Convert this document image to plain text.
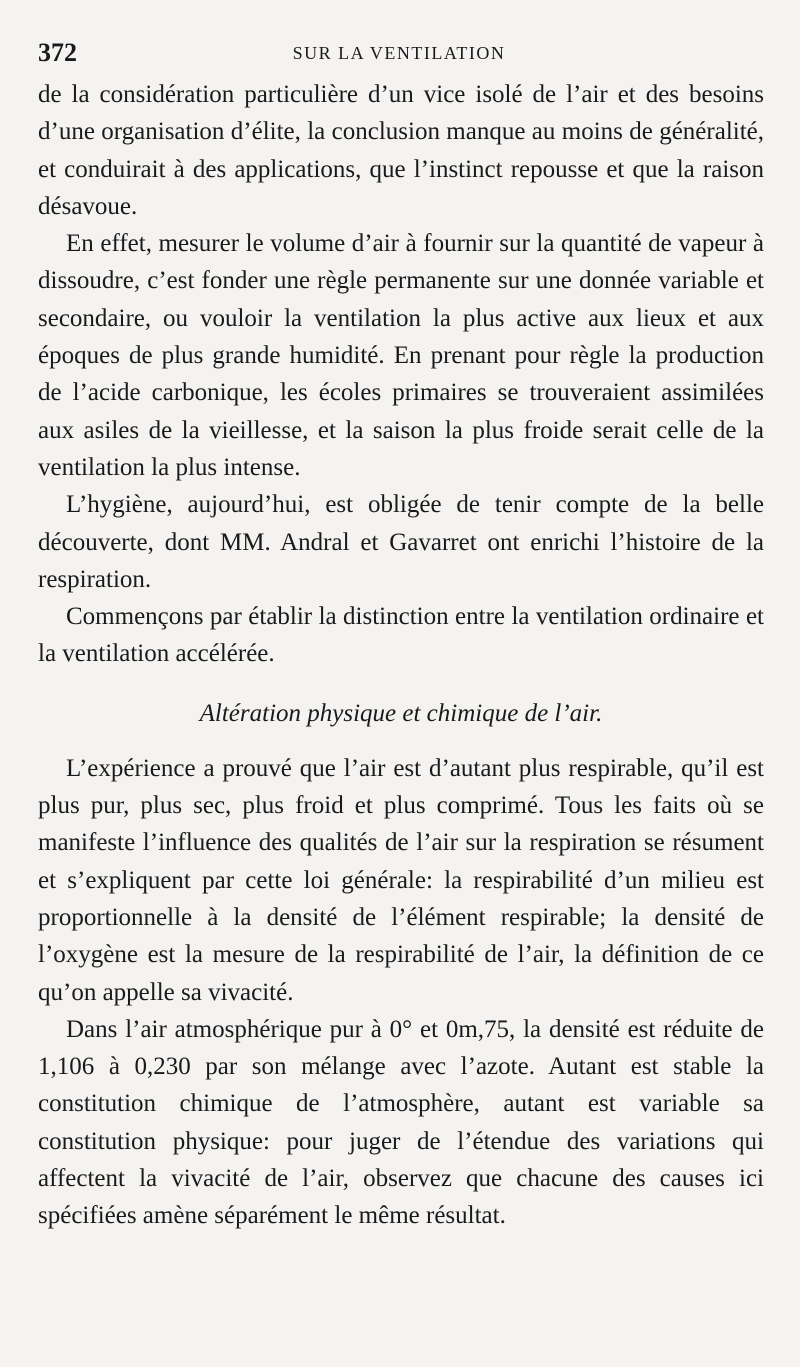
372	SUR LA VENTILATION

de la considération particulière d’un vice isolé de l’air et des besoins d’une organisation d’élite, la conclusion manque au moins de généralité, et conduirait à des applications, que l’instinct repousse et que la raison désavoue.

En effet, mesurer le volume d’air à fournir sur la quantité de vapeur à dissoudre, c’est fonder une règle permanente sur une donnée variable et secondaire, ou vouloir la ventilation la plus active aux lieux et aux époques de plus grande humidité. En prenant pour règle la production de l’acide carbonique, les écoles primaires se trouveraient assimilées aux asiles de la vieillesse, et la saison la plus froide serait celle de la ventilation la plus intense.

L’hygiène, aujourd’hui, est obligée de tenir compte de la belle découverte, dont MM. Andral et Gavarret ont enrichi l’histoire de la respiration.

Commençons par établir la distinction entre la ventilation ordinaire et la ventilation accélérée.

Altération physique et chimique de l’air.

L’expérience a prouvé que l’air est d’autant plus respirable, qu’il est plus pur, plus sec, plus froid et plus comprimé. Tous les faits où se manifeste l’influence des qualités de l’air sur la respiration se résument et s’expliquent par cette loi générale: la respirabilité d’un milieu est proportionnelle à la densité de l’élément respirable; la densité de l’oxygène est la mesure de la respirabilité de l’air, la définition de ce qu’on appelle sa vivacité.

Dans l’air atmosphérique pur à 0° et 0m,75, la densité est réduite de 1,106 à 0,230 par son mélange avec l’azote. Autant est stable la constitution chimique de l’atmosphère, autant est variable sa constitution physique: pour juger de l’étendue des variations qui affectent la vivacité de l’air, observez que chacune des causes ici spécifiées amène séparément le même résultat.
